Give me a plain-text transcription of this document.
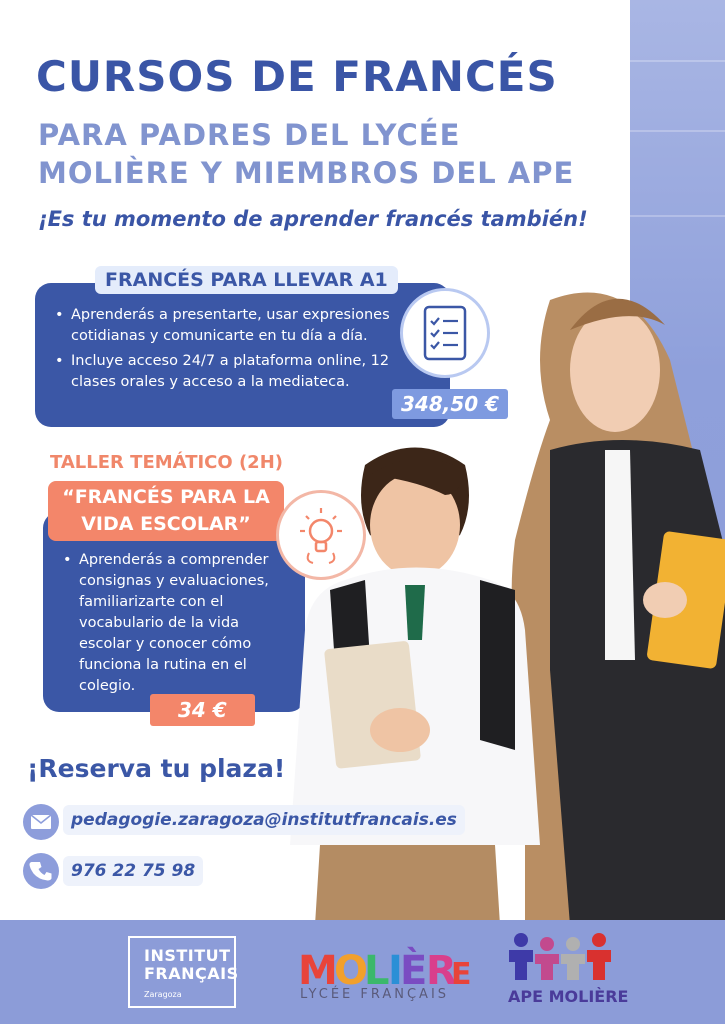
CURSOS DE FRANCÉS
PARA PADRES DEL LYCÉE
MOLIÈRE Y MIEMBROS DEL APE
¡Es tu momento de aprender francés también!
• Aprenderás a presentarte, usar expresiones cotidianas y comunicarte en tu día a día.
• Incluye acceso 24/7 a plataforma online, 12 clases orales y acceso a la mediateca.
FRANCÉS PARA LLEVAR A1
348,50 €
TALLER TEMÁTICO (2H)
• Aprenderás a comprender consignas y evaluaciones, familiarizarte con el vocabulario de la vida escolar y conocer cómo funciona la rutina en el colegio.
“FRANCÉS PARA LA
VIDA ESCOLAR”
34 €
¡Reserva tu plaza!
pedagogie.zaragoza@institutfrancais.es
976 22 75 98
INSTITUT
FRANÇAIS
Zaragoza
M
O
L
I
È
R
E
LYCÉE FRANÇAIS	APE MOLIÈRE
